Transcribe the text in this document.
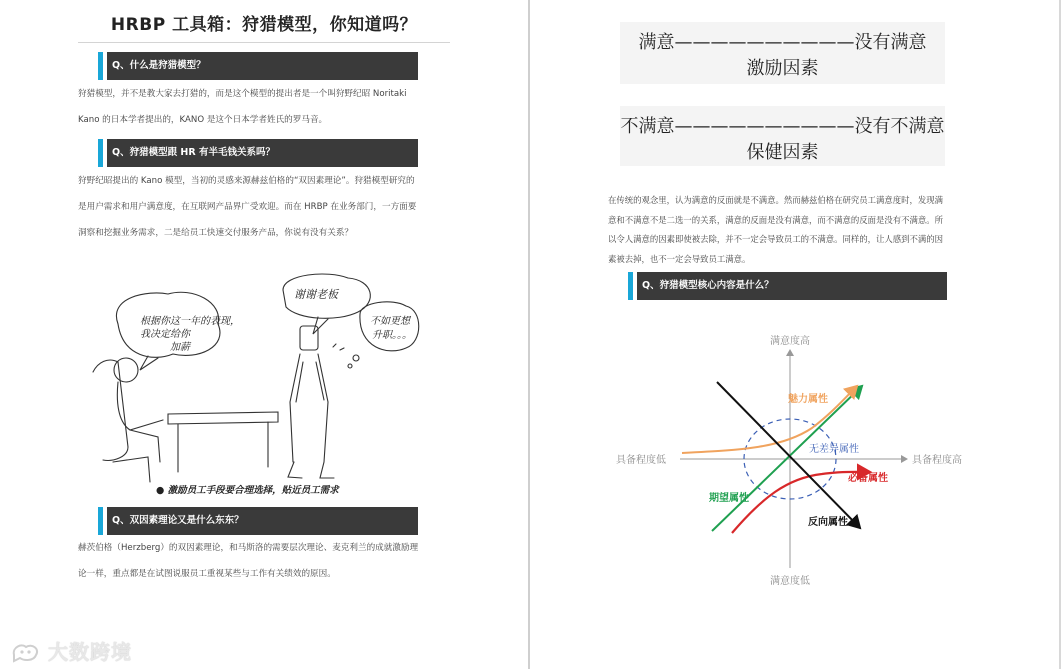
HRBP 工具箱：狩猎模型，你知道吗？
Q、什么是狩猎模型？
狩猎模型，并不是教大家去打猎的，而是这个模型的提出者是一个叫狩野纪昭 Noritaki
Kano 的日本学者提出的，KANO 是这个日本学者姓氏的罗马音。
Q、狩猎模型跟 HR 有半毛钱关系吗？
狩野纪昭提出的 Kano 模型，当初的灵感来源赫兹伯格的“双因素理论”。狩猎模型研究的
是用户需求和用户满意度，在互联网产品界广受欢迎。而在 HRBP 在业务部门，一方面要
洞察和挖掘业务需求，二是给员工快速交付服务产品，你说有没有关系？
根据你这一年的表现，
我决定给你
加薪
谢谢老板
不如更想
升职。。。
● 激励员工手段要合理选择，贴近员工需求
Q、双因素理论又是什么东东？
赫茨伯格（Herzberg）的双因素理论，和马斯洛的需要层次理论、麦克利兰的成就激励理
论一样，重点都是在试图说服员工重视某些与工作有关绩效的原因。
满意——————————没有满意
激励因素
不满意——————————没有不满意
保健因素
在传统的观念里，认为满意的反面就是不满意。然而赫兹伯格在研究员工满意度时，发现满
意和不满意不是二选一的关系，满意的反面是没有满意，而不满意的反面是没有不满意。所
以令人满意的因素即使被去除，并不一定会导致员工的不满意。同样的，让人感到不满的因
素被去掉，也不一定会导致员工满意。
Q、狩猎模型核心内容是什么？
满意度高
满意度低
具备程度低	具备程度高
魅力属性
无差异属性
必备属性
期望属性
反向属性
大数跨境
